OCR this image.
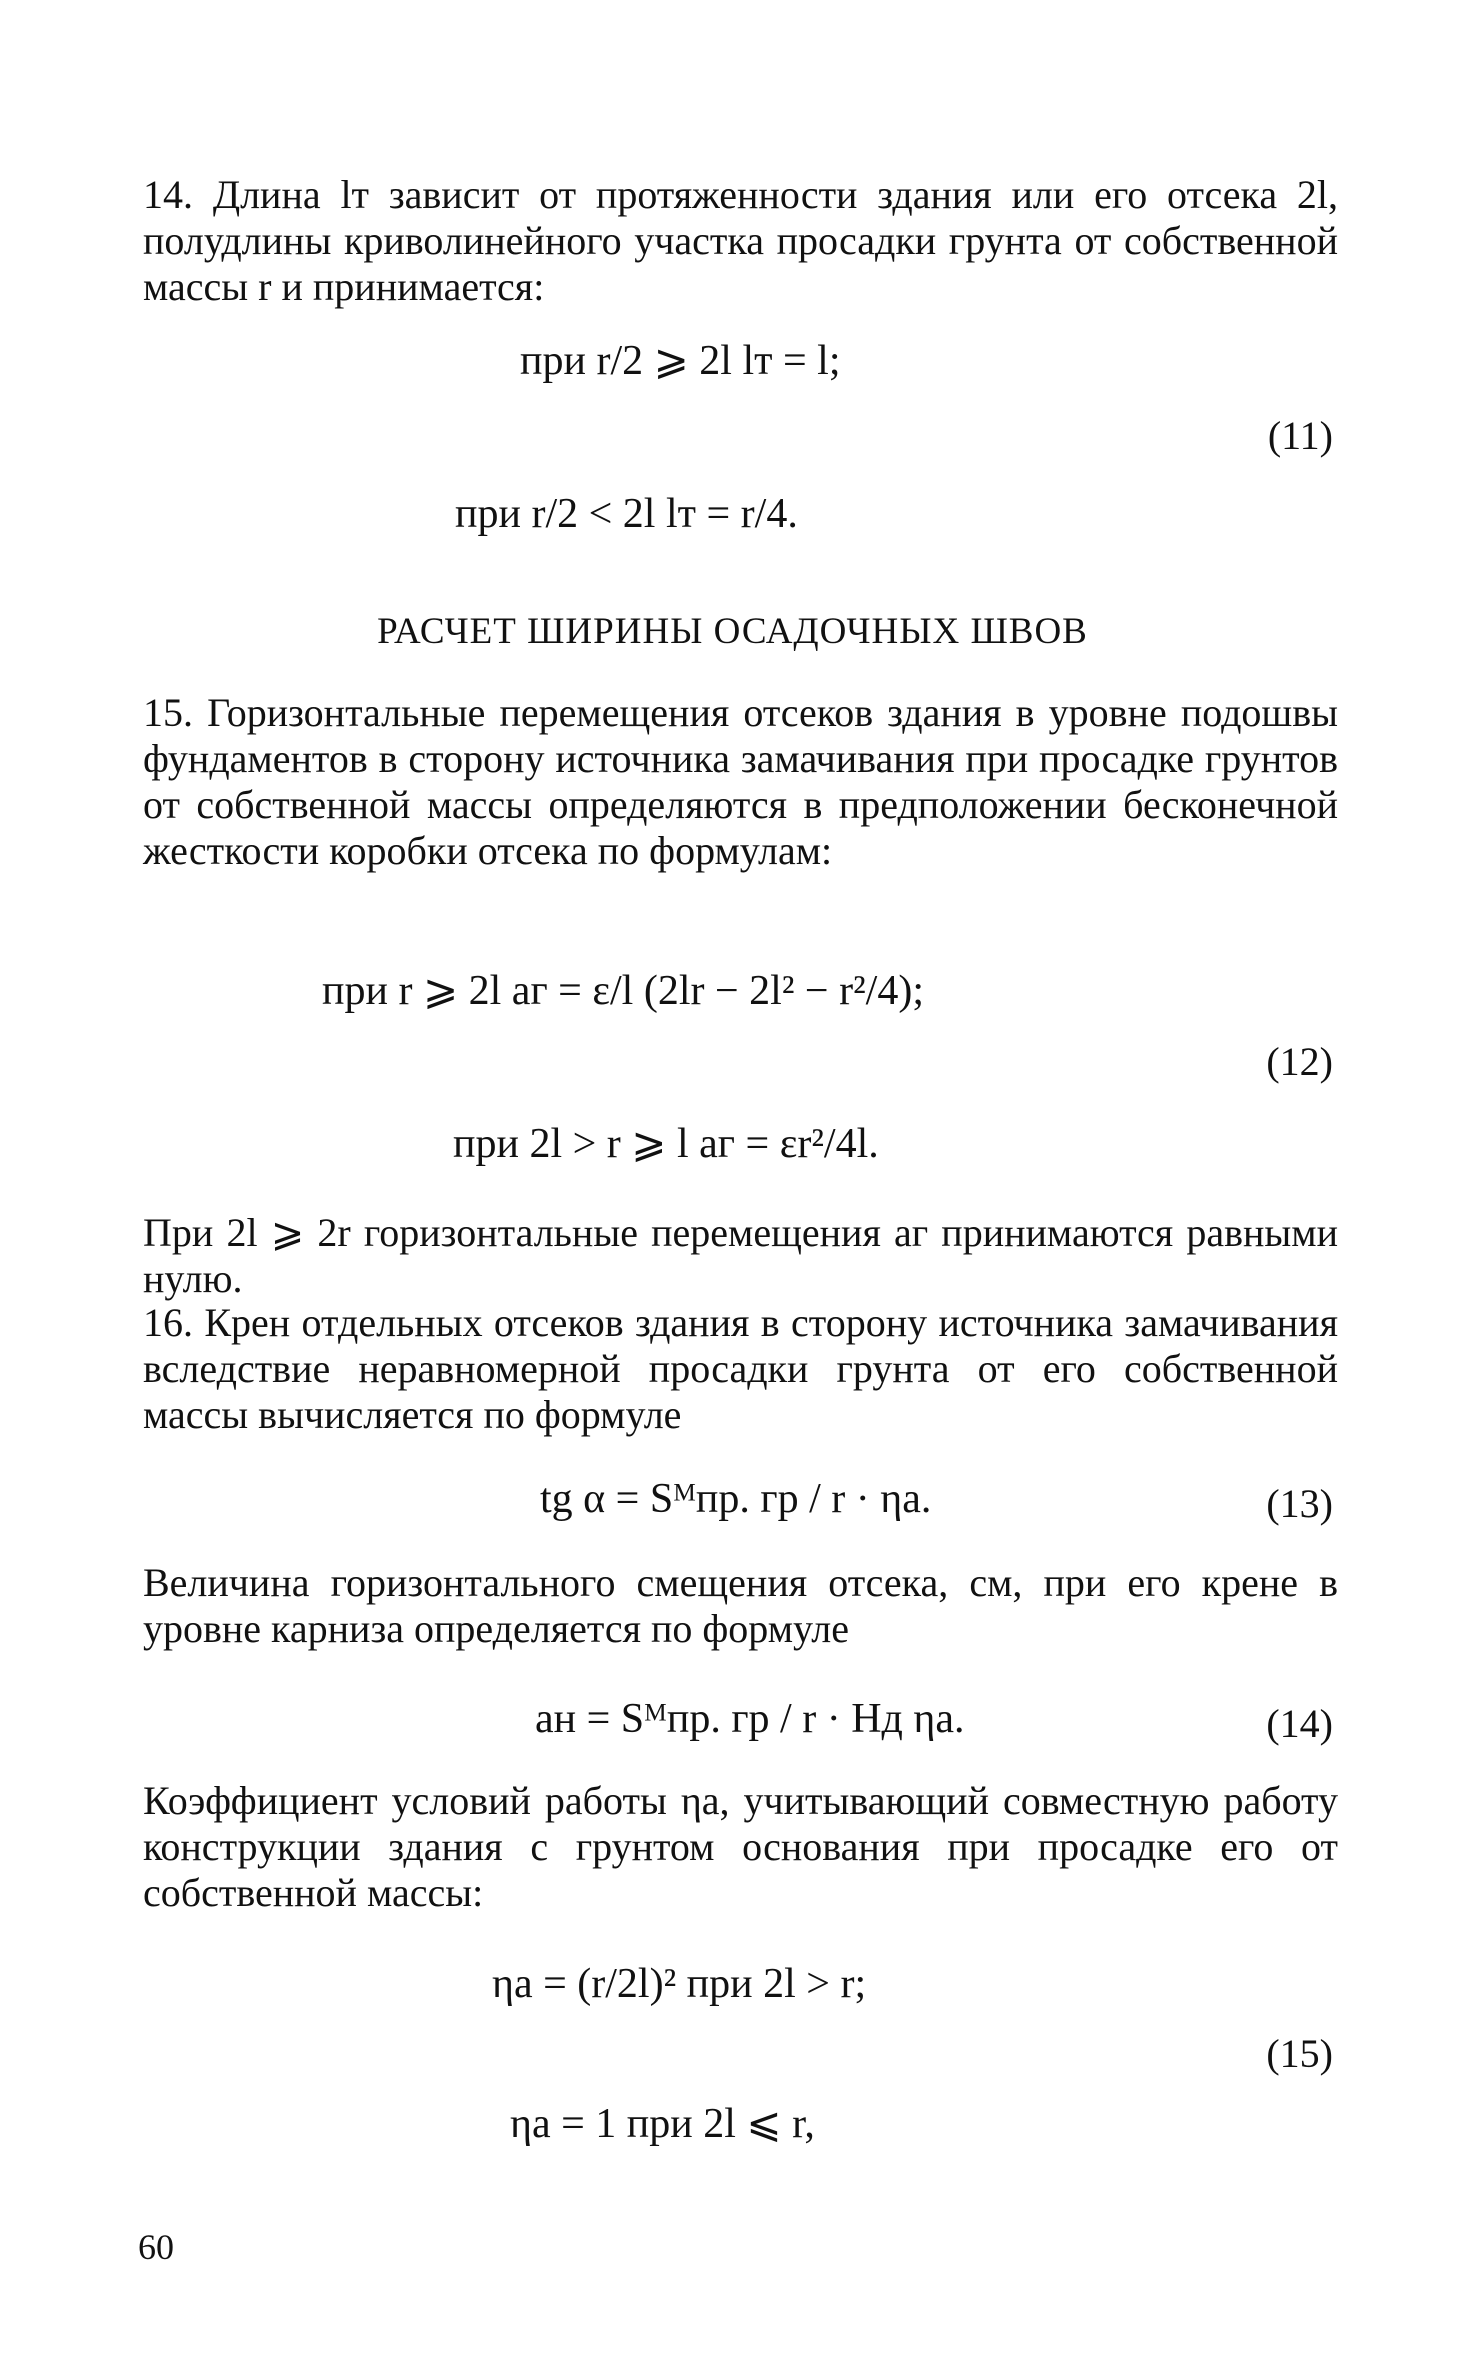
14. Длина lт зависит от протяженности здания или его отсека 2l, полудлины криволинейного участка просадки грунта от собственной массы r и принимается:
при r/2 ⩾ 2l lт = l;
(11)
при r/2 < 2l lт = r/4.
РАСЧЕТ ШИРИНЫ ОСАДОЧНЫХ ШВОВ
15. Горизонтальные перемещения отсеков здания в уровне подошвы фундаментов в сторону источника замачивания при просадке грунтов от собственной массы определяются в предположении бесконечной жесткости коробки отсека по формулам:
при r ⩾ 2l aг = ε/l (2lr − 2l² − r²/4);
(12)
при 2l > r ⩾ l aг = εr²/4l.
При 2l ⩾ 2r горизонтальные перемещения aг принимаются равными нулю.
16. Крен отдельных отсеков здания в сторону источника замачивания вследствие неравномерной просадки грунта от его собственной массы вычисляется по формуле
tg α = Sᴹпр. гр / r · ηа.	(13)
Величина горизонтального смещения отсека, см, при его крене в уровне карниза определяется по формуле
aн = Sᴹпр. гр / r · Hд ηа.	(14)
Коэффициент условий работы ηа, учитывающий совместную работу конструкции здания с грунтом основания при просадке его от собственной массы:
ηа = (r/2l)² при 2l > r;
(15)
ηа = 1 при 2l ⩽ r,
60
